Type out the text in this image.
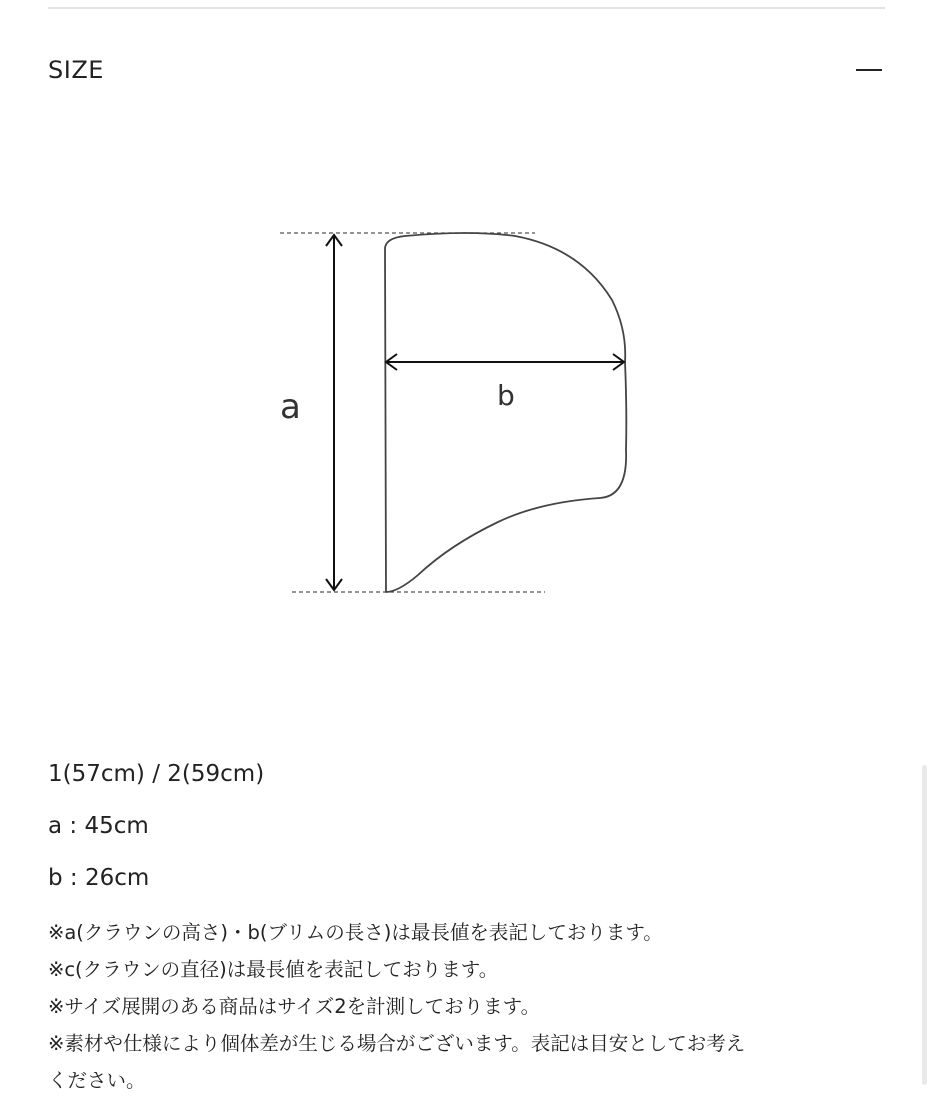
SIZE
a	b
1(57cm) / 2(59cm)
a : 45cm
b : 26cm
※a(クラウンの高さ)・b(ブリムの長さ)は最長値を表記しております。
※c(クラウンの直径)は最長値を表記しております。
※サイズ展開のある商品はサイズ2を計測しております。
※素材や仕様により個体差が生じる場合がございます。表記は目安としてお考え
ください。
